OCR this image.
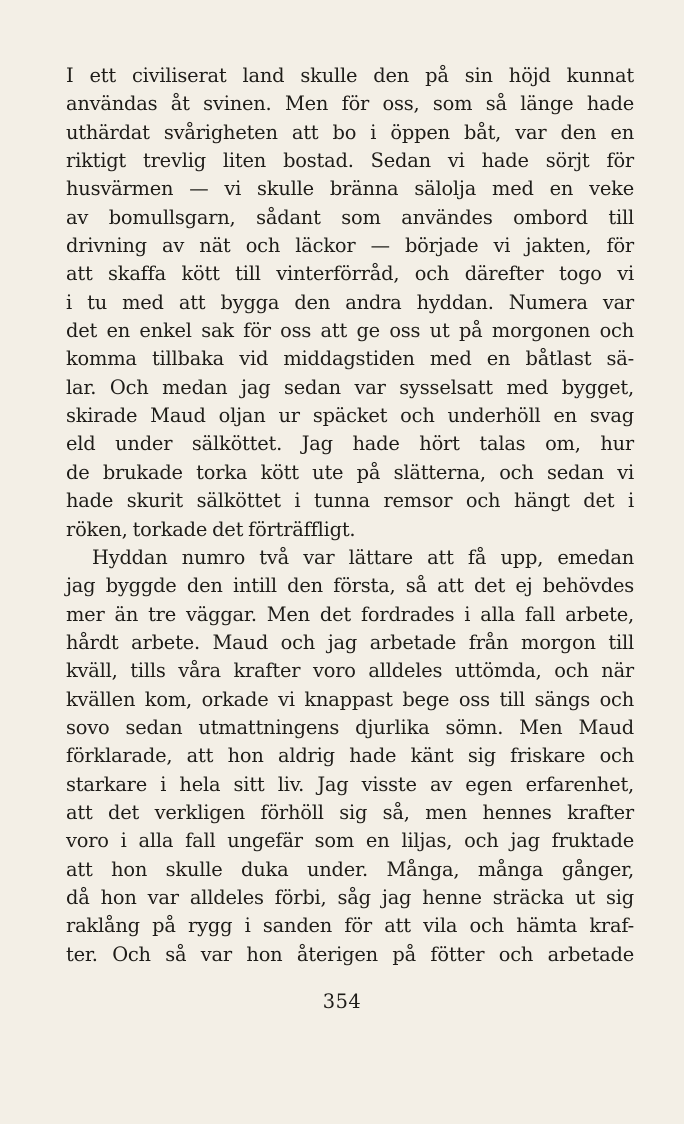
I ett civiliserat land skulle den på sin höjd kunnat
användas åt svinen. Men för oss, som så länge hade
uthärdat svårigheten att bo i öppen båt, var den en
riktigt trevlig liten bostad. Sedan vi hade sörjt för
husvärmen — vi skulle bränna sälolja med en veke
av bomullsgarn, sådant som användes ombord till
drivning av nät och läckor — började vi jakten, för
att skaffa kött till vinterförråd, och därefter togo vi
i tu med att bygga den andra hyddan. Numera var
det en enkel sak för oss att ge oss ut på morgonen och
komma tillbaka vid middagstiden med en båtlast sä-
lar. Och medan jag sedan var sysselsatt med bygget,
skirade Maud oljan ur späcket och underhöll en svag
eld under sälköttet. Jag hade hört talas om, hur
de brukade torka kött ute på slätterna, och sedan vi
hade skurit sälköttet i tunna remsor och hängt det i
röken, torkade det förträffligt.
Hyddan numro två var lättare att få upp, emedan
jag byggde den intill den första, så att det ej behövdes
mer än tre väggar. Men det fordrades i alla fall arbete,
hårdt arbete. Maud och jag arbetade från morgon till
kväll, tills våra krafter voro alldeles uttömda, och när
kvällen kom, orkade vi knappast bege oss till sängs och
sovo sedan utmattningens djurlika sömn. Men Maud
förklarade, att hon aldrig hade känt sig friskare och
starkare i hela sitt liv. Jag visste av egen erfarenhet,
att det verkligen förhöll sig så, men hennes krafter
voro i alla fall ungefär som en liljas, och jag fruktade
att hon skulle duka under. Många, många gånger,
då hon var alldeles förbi, såg jag henne sträcka ut sig
raklång på rygg i sanden för att vila och hämta kraf-
ter. Och så var hon återigen på fötter och arbetade
354
